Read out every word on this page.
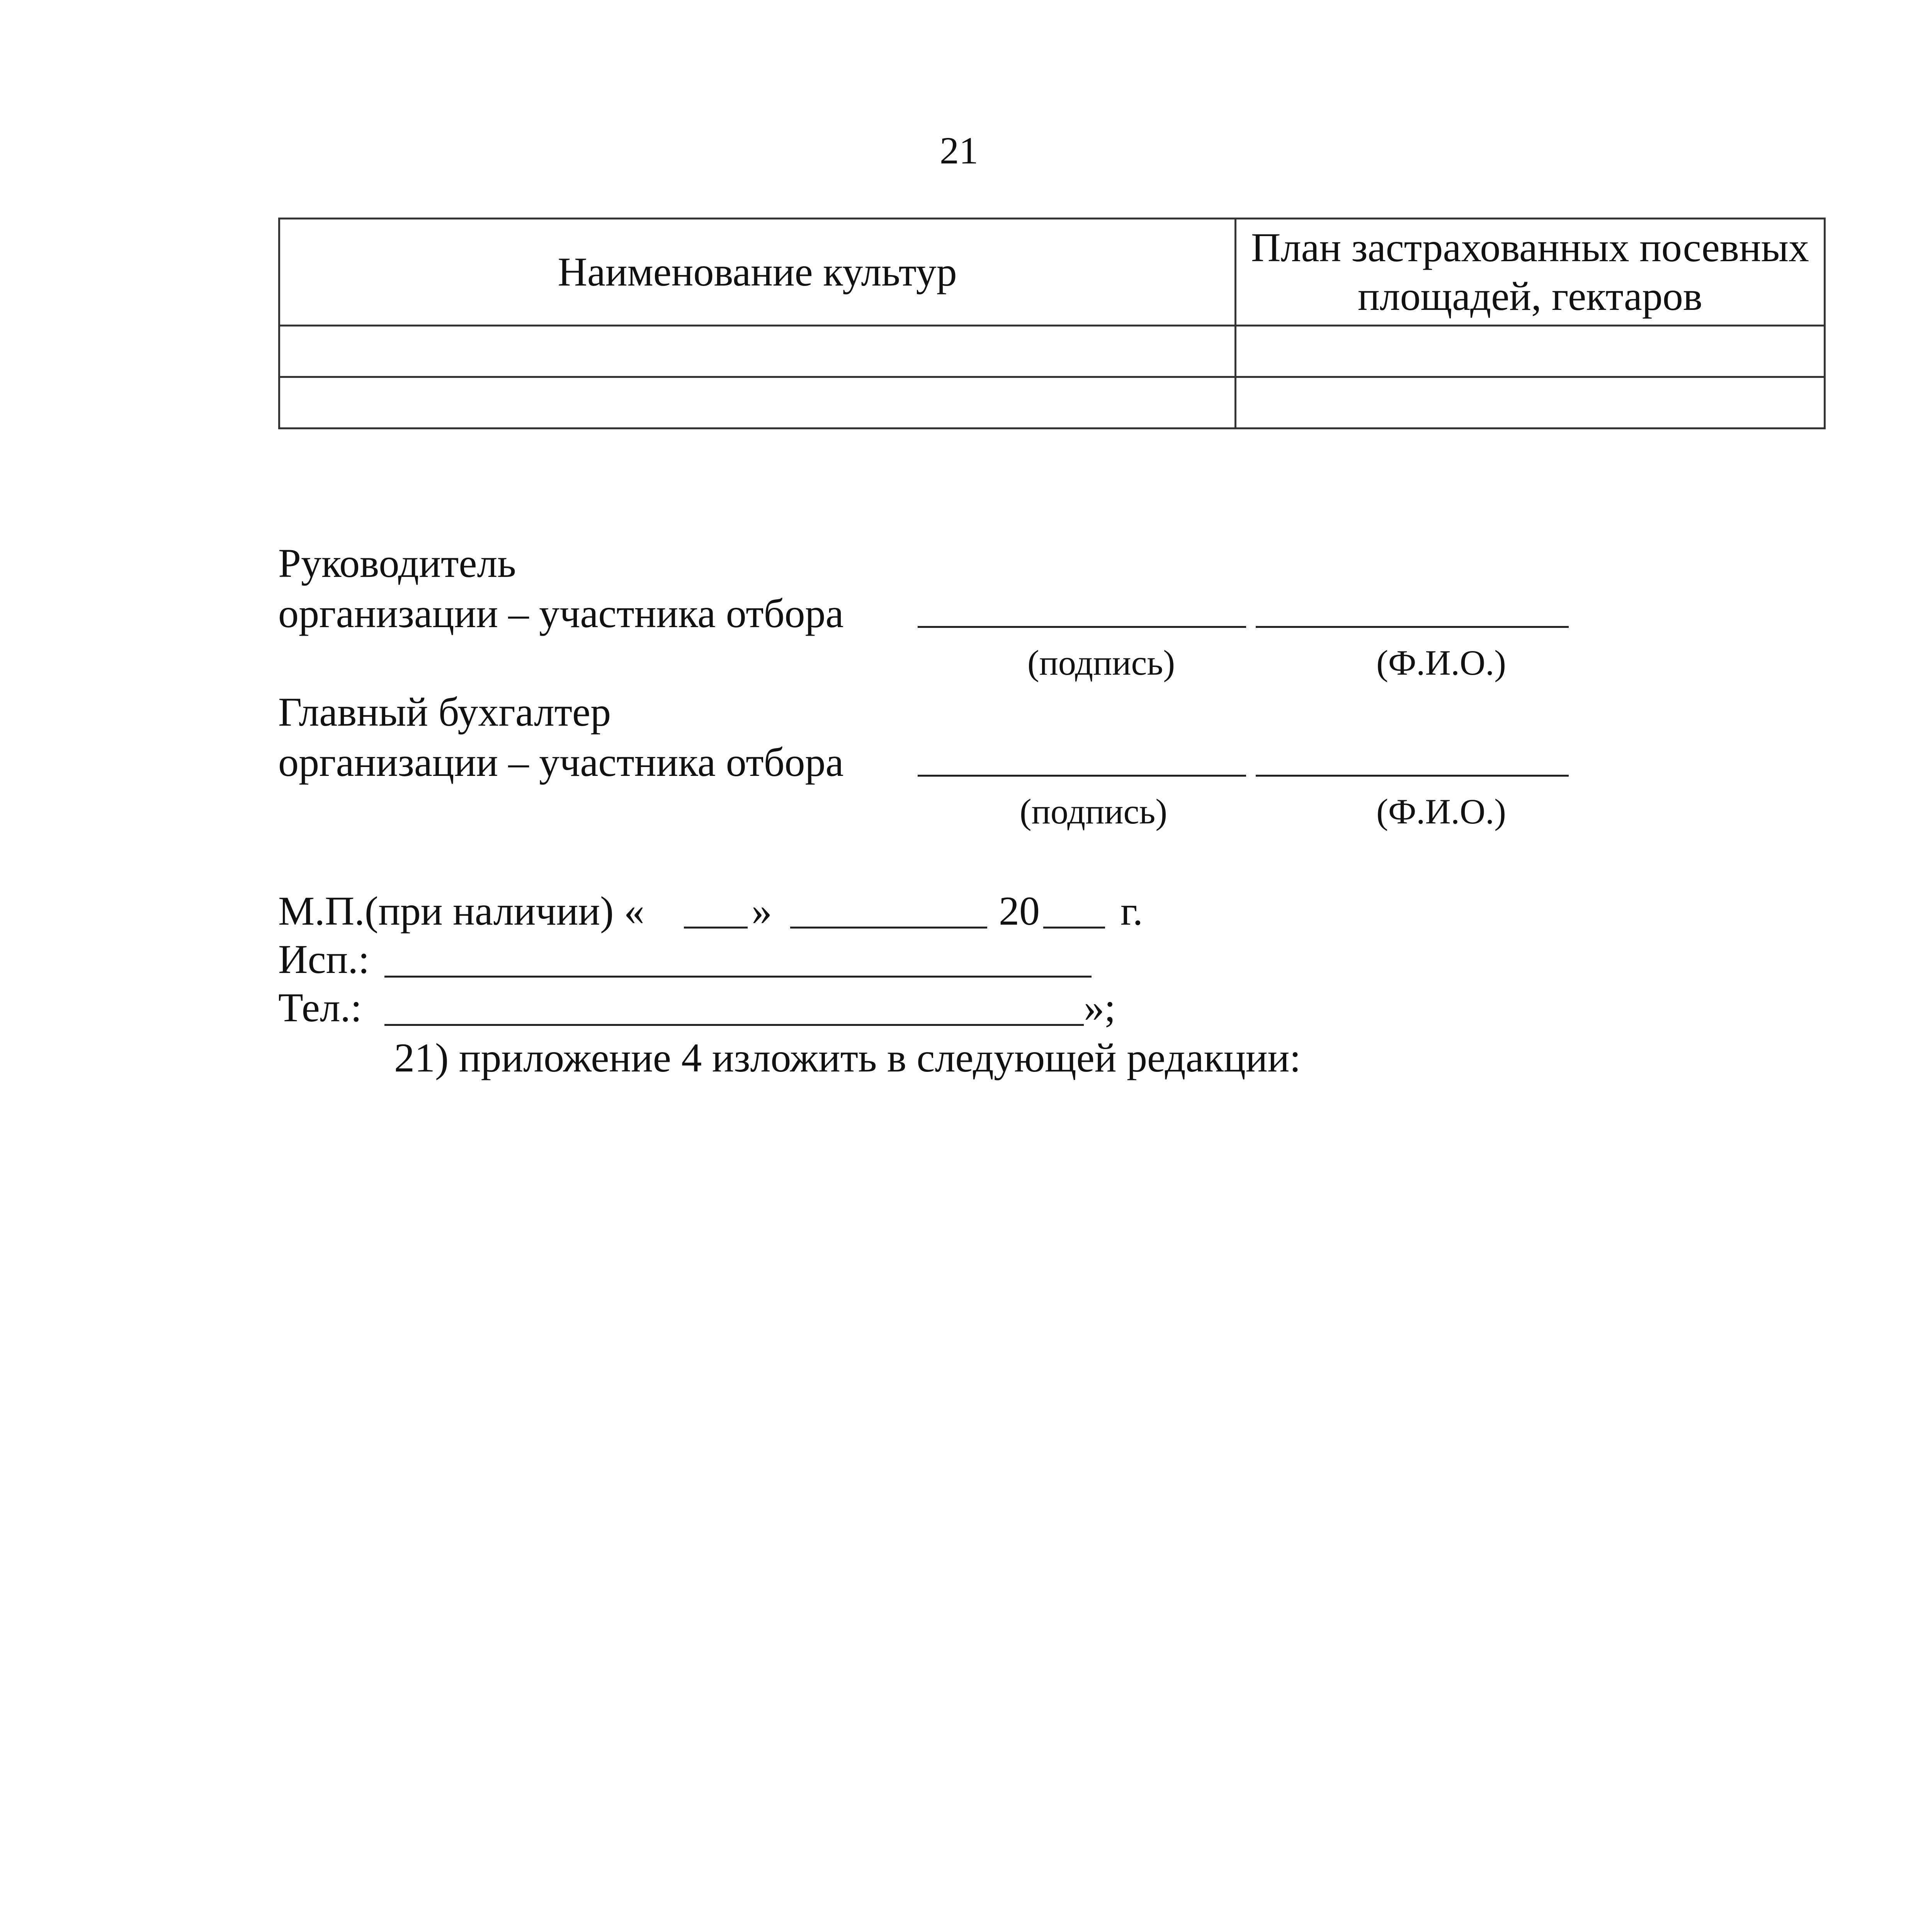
21
Наименование культур	План застрахованных посевных площадей, гектаров

Руководитель
организации – участника отбора
(подпись)	(Ф.И.О.)
Главный бухгалтер
организации – участника отбора
(подпись)	(Ф.И.О.)
М.П.(при наличии) «	»	20 г.
Исп.:
Тел.:	»;
21) приложение 4 изложить в следующей редакции:
